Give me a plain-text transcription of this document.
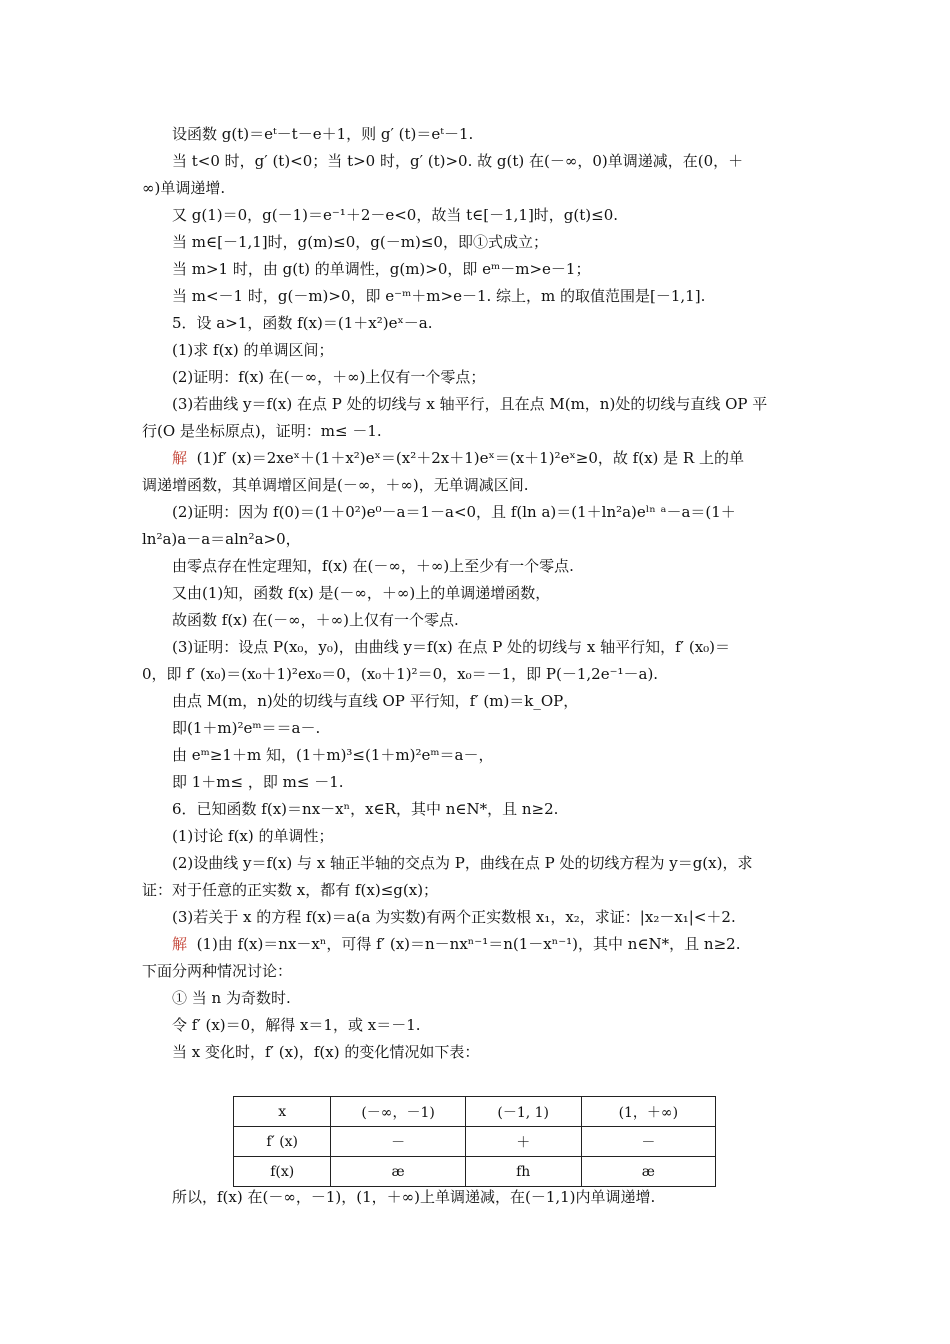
设函数 g(t)＝eᵗ－t－e＋1，则 g′ (t)＝eᵗ－1.
当 t<0 时，g′ (t)<0；当 t>0 时，g′ (t)>0. 故 g(t) 在(－∞，0)单调递减，在(0，＋
∞)单调递增.
又 g(1)＝0，g(－1)＝e⁻¹＋2－e<0，故当 t∈[－1,1]时，g(t)≤0.
当 m∈[－1,1]时，g(m)≤0，g(－m)≤0，即①式成立；
当 m>1 时，由 g(t) 的单调性，g(m)>0，即 eᵐ－m>e－1；
当 m<－1 时，g(－m)>0，即 e⁻ᵐ＋m>e－1. 综上，m 的取值范围是[－1,1].
5．设 a>1，函数 f(x)＝(1＋x²)eˣ－a.
(1)求 f(x) 的单调区间；
(2)证明：f(x) 在(－∞，＋∞)上仅有一个零点；
(3)若曲线 y＝f(x) 在点 P 处的切线与 x 轴平行，且在点 M(m，n)处的切线与直线 OP 平
行(O 是坐标原点)，证明：m≤ －1.
解 (1)f′ (x)＝2xeˣ＋(1＋x²)eˣ＝(x²＋2x＋1)eˣ＝(x＋1)²eˣ≥0，故 f(x) 是 R 上的单
调递增函数，其单调增区间是(－∞，＋∞)，无单调减区间.
(2)证明：因为 f(0)＝(1＋0²)e⁰－a＝1－a<0，且 f(ln a)＝(1＋ln²a)eˡⁿ ᵃ－a＝(1＋
ln²a)a－a＝aln²a>0，
由零点存在性定理知，f(x) 在(－∞，＋∞)上至少有一个零点.
又由(1)知，函数 f(x) 是(－∞，＋∞)上的单调递增函数，
故函数 f(x) 在(－∞，＋∞)上仅有一个零点.
(3)证明：设点 P(x₀，y₀)，由曲线 y＝f(x) 在点 P 处的切线与 x 轴平行知，f′ (x₀)＝
0，即 f′ (x₀)＝(x₀＋1)²ex₀＝0，(x₀＋1)²＝0，x₀＝－1，即 P(－1,2e⁻¹－a).
由点 M(m，n)处的切线与直线 OP 平行知，f′ (m)＝k_OP，
即(1＋m)²eᵐ＝＝a－.
由 eᵐ≥1＋m 知，(1＋m)³≤(1＋m)²eᵐ＝a－，
即 1＋m≤ ，即 m≤ －1.
6．已知函数 f(x)＝nx－xⁿ，x∈R，其中 n∈N*，且 n≥2.
(1)讨论 f(x) 的单调性；
(2)设曲线 y＝f(x) 与 x 轴正半轴的交点为 P，曲线在点 P 处的切线方程为 y＝g(x)，求
证：对于任意的正实数 x，都有 f(x)≤g(x)；
(3)若关于 x 的方程 f(x)＝a(a 为实数)有两个正实数根 x₁，x₂，求证：|x₂－x₁|<＋2.
解 (1)由 f(x)＝nx－xⁿ，可得 f′ (x)＝n－nxⁿ⁻¹＝n(1－xⁿ⁻¹)，其中 n∈N*，且 n≥2.
下面分两种情况讨论：
① 当 n 为奇数时.
令 f′ (x)＝0，解得 x＝1，或 x＝－1.
当 x 变化时，f′ (x)，f(x) 的变化情况如下表：
x	(－∞，－1)	(－1, 1)	(1，＋∞)
f′ (x)	－	＋	－
f(x)	æ	fh	æ
所以，f(x) 在(－∞，－1)，(1，＋∞)上单调递减，在(－1,1)内单调递增.
